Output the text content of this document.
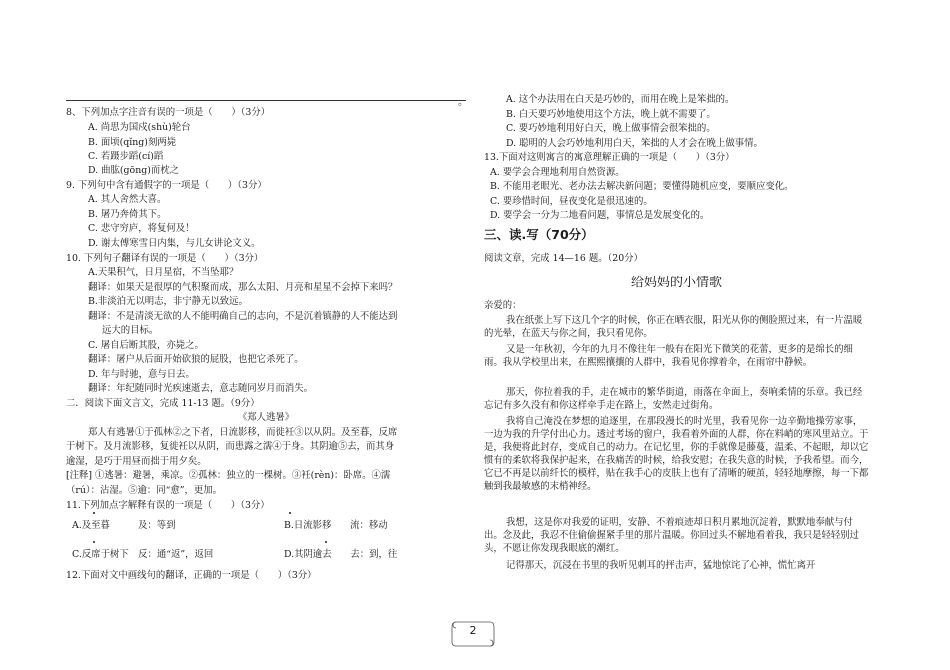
。
8、下列加点字注音有误的一项是（　　）（3分）
A. 尚思为国戍(shù)轮台
B. 面顷(qǐng)刻两毙
C. 若蹑步蹈(cí)蹈
D. 曲肱(gōng)而枕之
9. 下列句中含有通假字的一项是（　　）（3分）
A. 其人舍然大喜。
B. 屠乃奔倚其下。
C. 悲守穷庐，将复何及！
D. 谢太傅寒雪日内集，与儿女讲论文义。
10. 下列句子翻译有误的一项是（　　）（3分）
A.天果积气，日月星宿，不当坠耶？
翻译：如果天是很厚的气积聚而成，那么太阳、月亮和星星不会掉下来吗？
B.非淡泊无以明志，非宁静无以致远。
翻译：不是清淡无欲的人不能明确自己的志向，不是沉着镇静的人不能达到
远大的目标。
C. 屠自后断其股，亦毙之。
翻译：屠户从后面开始砍狼的屁股，也把它杀死了。
D. 年与时驰，意与日去。
翻译：年纪随同时光疾速逝去，意志随同岁月而消失。
二．阅读下面文言文，完成 11-13 题。（9分）
《郑人逃暑》
郑人有逃暑①于孤林②之下者，日流影移，而徙衽③以从阴。及至暮，反席
于树下。及月流影移，复徙衽以从阴，而患露之濡④于身。其阴逾⑤去，而其身
逾湿，是巧于用昼而拙于用夕矣。
[注释] ①逃暑：避暑，乘凉。②孤林：独立的一棵树。③衽(rèn)：卧席。④濡
（rú）：沾湿。⑤逾：同“愈”，更加。
11.下列加点字解释有误的一项是（　　）（3分）
A.及至暮　　　及：等到	B.日流影移　　流：移动
C.反席于树下　反：通“返”，返回	D.其阴逾去　　去：到，往
12.下面对文中画线句的翻译，正确的一项是（　　）（3分）
A. 这个办法用在白天是巧妙的，而用在晚上是笨拙的。
B. 白天要巧妙地使用这个方法，晚上就不需要了。
C. 要巧妙地利用好白天，晚上做事情会很笨拙的。
D. 聪明的人会巧妙地利用白天，笨拙的人才会在晚上做事情。
13.下面对这则寓言的寓意理解正确的一项是（　　）（3分）
A. 要学会合理地利用自然资源。
B. 不能用老眼光、老办法去解决新问题；要懂得随机应变，要顺应变化。
C. 要珍惜时间，昼夜变化是很迅速的。
D. 要学会一分为二地看问题，事情总是发展变化的。
三、读.写（70分）
阅读文章，完成 14—16 题。（20分）
给妈妈的小情歌
亲爱的：
我在纸张上写下这几个字的时候，你正在晒衣服，阳光从你的侧脸照过来，有一片温暖的光晕，在蓝天与你之间，我只看见你。
又是一年秋初，今年的九月不像往年一般有在阳光下微笑的花蕾，更多的是绵长的细雨。我从学校里出来，在熙熙攘攘的人群中，我看见你撑着伞，在雨帘中静候。
那天，你拉着我的手，走在城市的繁华街道，雨落在伞面上，奏响柔情的乐章。我已经忘记有多久没有和你这样牵手走在路上，安然走过街角。
我将自己淹没在梦想的追逐里，在那段漫长的时光里，我看见你一边辛勤地操劳家事，一边为我的升学付出心力。透过考场的窗户，我看着外面的人群，你在料峭的寒风里站立。于是，我便将此封存，变成自己的动力。在记忆里，你的手就像是藤蔓，温柔、不起眼，却以它惯有的柔软将我保护起来，在我痛苦的时候，给我安慰；在我失意的时候，予我希望。而今，它已不再是以前纤长的模样，贴在我手心的皮肤上也有了清晰的硬茧，轻轻地摩擦，每一下都触到我最敏感的末梢神经。
我想，这是你对我爱的证明，安静、不着痕迹却日积月累地沉淀着，默默地奉献与付出。念及此，我忍不住偷偷握紧手里的那片温暖。你回过头不解地看着我，我只是轻轻别过头，不愿让你发现我眼底的潮红。
记得那天，沉浸在书里的我听见刺耳的抨击声，猛地惊诧了心神，慌忙离开
2
